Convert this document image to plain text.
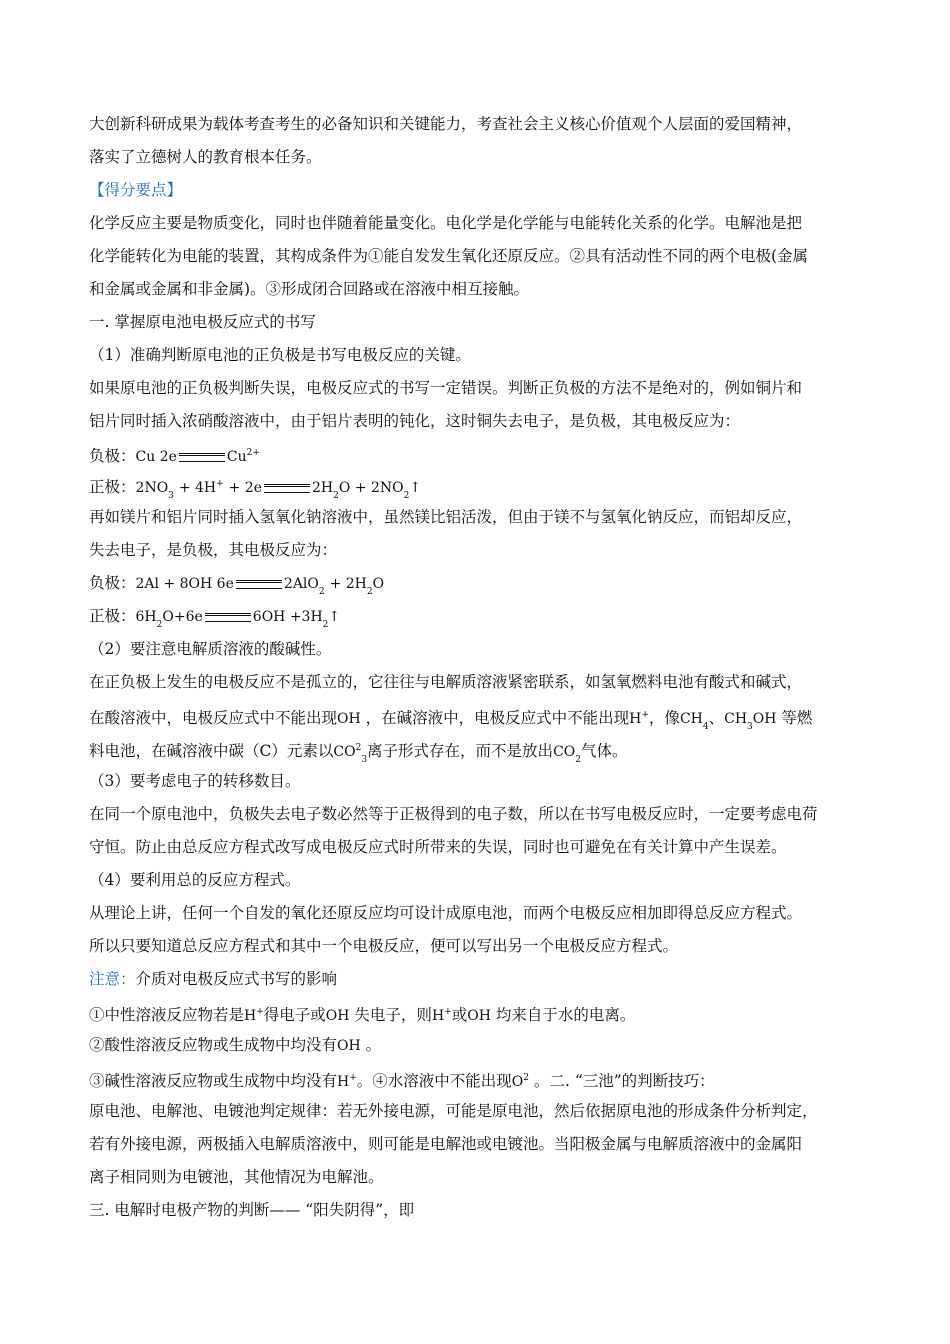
大创新科研成果为载体考查考生的必备知识和关键能力，考查社会主义核心价值观个人层面的爱国精神，
落实了立德树人的教育根本任务。
【得分要点】
化学反应主要是物质变化，同时也伴随着能量变化。电化学是化学能与电能转化关系的化学。电解池是把
化学能转化为电能的装置，其构成条件为①能自发发生氧化还原反应。②具有活动性不同的两个电极(金属
和金属或金属和非金属)。③形成闭合回路或在溶液中相互接触。
一. 掌握原电池电极反应式的书写
（1）准确判断原电池的正负极是书写电极反应的关键。
如果原电池的正负极判断失误，电极反应式的书写一定错误。判断正负极的方法不是绝对的，例如铜片和
铝片同时插入浓硝酸溶液中，由于铝片表明的钝化，这时铜失去电子，是负极，其电极反应为：
负极：Cu 2e	$Cu^{2+}$
正极：$2NO_3 + 4H^+ + 2e$	$2H_2O$ + $2NO_2↑$
再如镁片和铝片同时插入氢氧化钠溶液中，虽然镁比铝活泼，但由于镁不与氢氧化钠反应，而铝却反应，
失去电子，是负极，其电极反应为：
负极：2Al + 8OH 6e	$2AlO_2 + 2H_2O$
正极：$6H_2O+6e$	$6OH +3H_2↑$
（2）要注意电解质溶液的酸碱性。
在正负极上发生的电极反应不是孤立的，它往往与电解质溶液紧密联系，如氢氧燃料电池有酸式和碱式，
在酸溶液中，电极反应式中不能出现OH ，在碱溶液中，电极反应式中不能出现H+，像$CH_4$、$CH_3OH$ 等燃
料电池，在碱溶液中碳（C）元素以$CO^2_3$离子形式存在，而不是放出$CO_2$气体。
（3）要考虑电子的转移数目。
在同一个原电池中，负极失去电子数必然等于正极得到的电子数，所以在书写电极反应时，一定要考虑电荷
守恒。防止由总反应方程式改写成电极反应式时所带来的失误，同时也可避免在有关计算中产生误差。
（4）要利用总的反应方程式。
从理论上讲，任何一个自发的氧化还原反应均可设计成原电池，而两个电极反应相加即得总反应方程式。
所以只要知道总反应方程式和其中一个电极反应，便可以写出另一个电极反应方程式。
注意：介质对电极反应式书写的影响
①中性溶液反应物若是H+得电子或OH 失电子，则H+或OH 均来自于水的电离。
②酸性溶液反应物或生成物中均没有OH 。
③碱性溶液反应物或生成物中均没有H+。④水溶液中不能出现$O^2$ 。二. “三池”的判断技巧：
原电池、电解池、电镀池判定规律：若无外接电源，可能是原电池，然后依据原电池的形成条件分析判定，
若有外接电源，两极插入电解质溶液中，则可能是电解池或电镀池。当阳极金属与电解质溶液中的金属阳
离子相同则为电镀池，其他情况为电解池。
三. 电解时电极产物的判断—— “阳失阴得”，即
